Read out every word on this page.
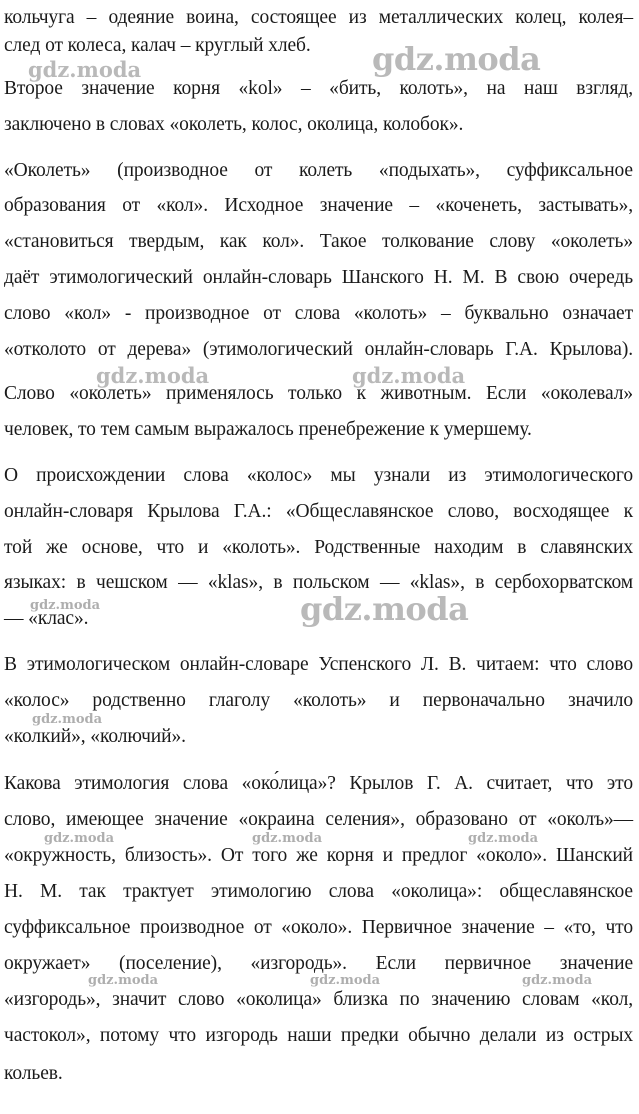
кольчуга – одеяние воина, состоящее из металлических колец, колея–
след от колеса, калач – круглый хлеб.
Второе значение корня «kol» – «бить, колоть», на наш взгляд,
заключено в словах «околеть, колос, околица, колобок».
«Околеть» (производное от колеть «подыхать», суффиксальное
образования от «кол». Исходное значение – «коченеть, застывать»,
«становиться твердым, как кол». Такое толкование слову «околеть»
даёт этимологический онлайн-словарь Шанского Н. М. В свою очередь
слово «кол» - производное от слова «колоть» – буквально означает
«отколото от дерева» (этимологический онлайн-словарь Г.А. Крылова).
Слово «околеть» применялось только к животным. Если «околевал»
человек, то тем самым выражалось пренебрежение к умершему.
О происхождении слова «колос» мы узнали из этимологического
онлайн-словаря Крылова Г.А.: «Общеславянское слово, восходящее к
той же основе, что и «колоть». Родственные находим в славянских
языках: в чешском — «klas», в польском — «klas», в сербохорватском
— «клас».
В этимологическом онлайн-словаре Успенского Л. В. читаем: что слово
«колос» родственно глаголу «колоть» и первоначально значило
«колкий», «колючий».
Какова этимология слова «око́лица»? Крылов Г. А. считает, что это
слово, имеющее значение «окраина селения», образовано от «околъ»—
«окружность, близость». От того же корня и предлог «около». Шанский
Н. М. так трактует этимологию слова «околица»: общеславянское
суффиксальное производное от «около». Первичное значение – «то, что
окружает» (поселение), «изгородь». Если первичное значение
«изгородь», значит слово «околица» близка по значению словам «кол,
частокол», потому что изгородь наши предки обычно делали из острых
кольев.
gdz.moda
gdz.moda
gdz.moda	gdz.moda
gdz.moda
gdz.moda
gdz.moda
gdz.moda	gdz.moda	gdz.moda
gdz.moda	gdz.moda	gdz.moda
